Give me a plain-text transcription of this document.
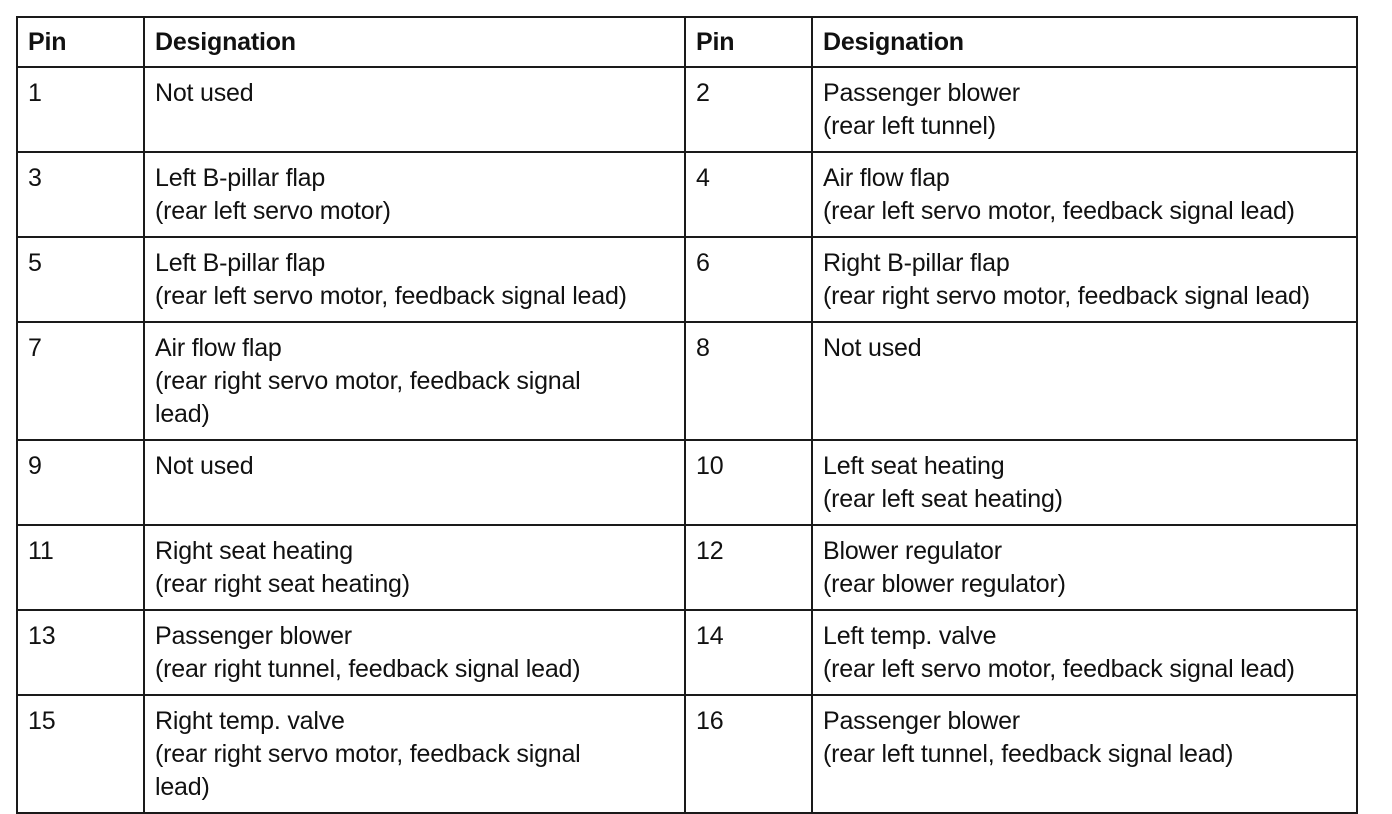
Pin	Designation	Pin	Designation
1	Not used	2	Passenger blower
(rear left tunnel)

3	Left B-pillar flap
(rear left servo motor)	4	Air flow flap
(rear left servo motor, feedback signal lead)

5	Left B-pillar flap
(rear left servo motor, feedback signal lead)	6	Right B-pillar flap
(rear right servo motor, feedback signal lead)

7	Air flow flap
(rear right servo motor, feedback signal
lead)	8	Not used

9	Not used	10	Left seat heating
(rear left seat heating)

11	Right seat heating
(rear right seat heating)	12	Blower regulator
(rear blower regulator)

13	Passenger blower
(rear right tunnel, feedback signal lead)	14	Left temp. valve
(rear left servo motor, feedback signal lead)

15	Right temp. valve
(rear right servo motor, feedback signal
lead)	16	Passenger blower
(rear left tunnel, feedback signal lead)
